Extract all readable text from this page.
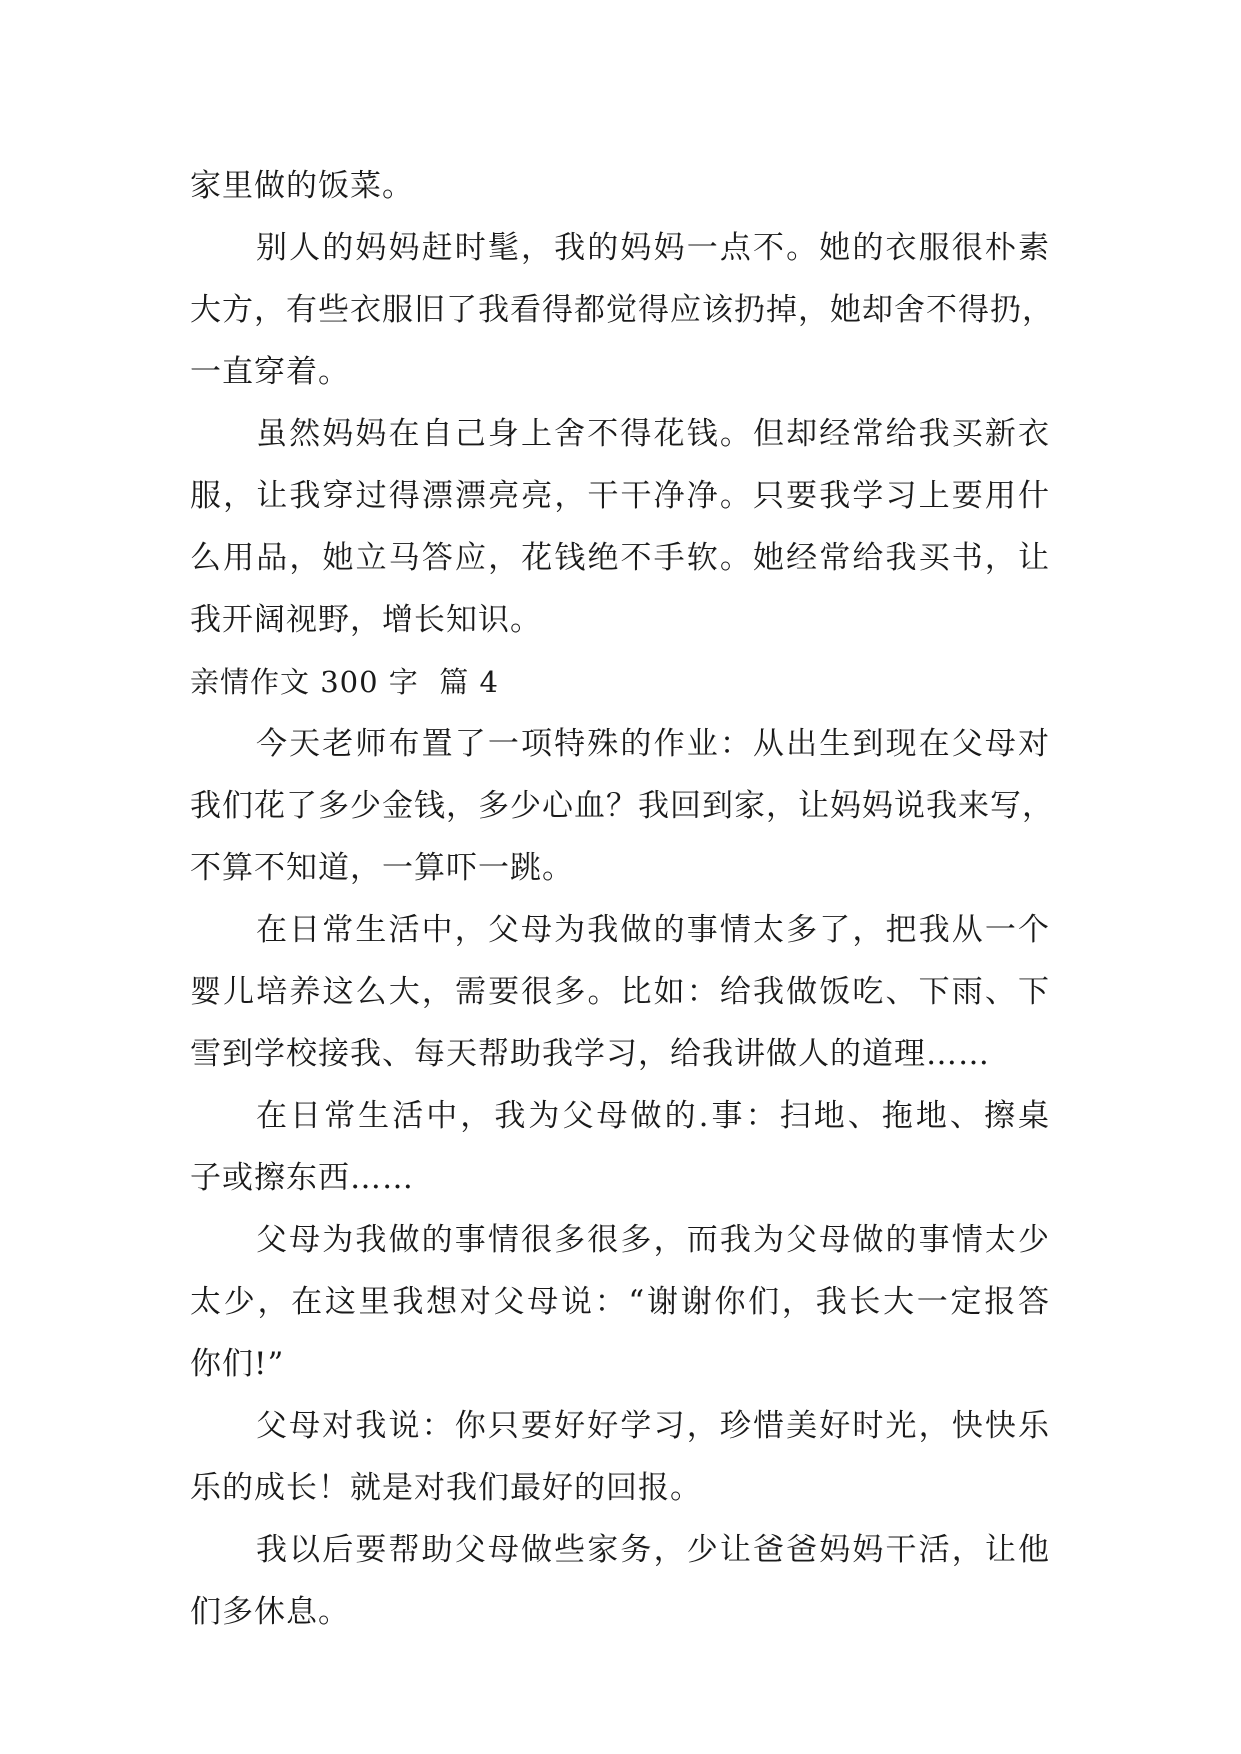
家里做的饭菜。
别人的妈妈赶时髦，我的妈妈一点不。她的衣服很朴素
大方，有些衣服旧了我看得都觉得应该扔掉，她却舍不得扔，
一直穿着。
虽然妈妈在自己身上舍不得花钱。但却经常给我买新衣
服，让我穿过得漂漂亮亮，干干净净。只要我学习上要用什
么用品，她立马答应，花钱绝不手软。她经常给我买书，让
我开阔视野，增长知识。
亲情作文 300 字  篇 4
今天老师布置了一项特殊的作业：从出生到现在父母对
我们花了多少金钱，多少心血？我回到家，让妈妈说我来写，
不算不知道，一算吓一跳。
在日常生活中，父母为我做的事情太多了，把我从一个
婴儿培养这么大，需要很多。比如：给我做饭吃、下雨、下
雪到学校接我、每天帮助我学习，给我讲做人的道理……
在日常生活中，我为父母做的.事：扫地、拖地、擦桌
子或擦东西……
父母为我做的事情很多很多，而我为父母做的事情太少
太少，在这里我想对父母说：“谢谢你们，我长大一定报答
你们!”
父母对我说：你只要好好学习，珍惜美好时光，快快乐
乐的成长！就是对我们最好的回报。
我以后要帮助父母做些家务，少让爸爸妈妈干活，让他
们多休息。
